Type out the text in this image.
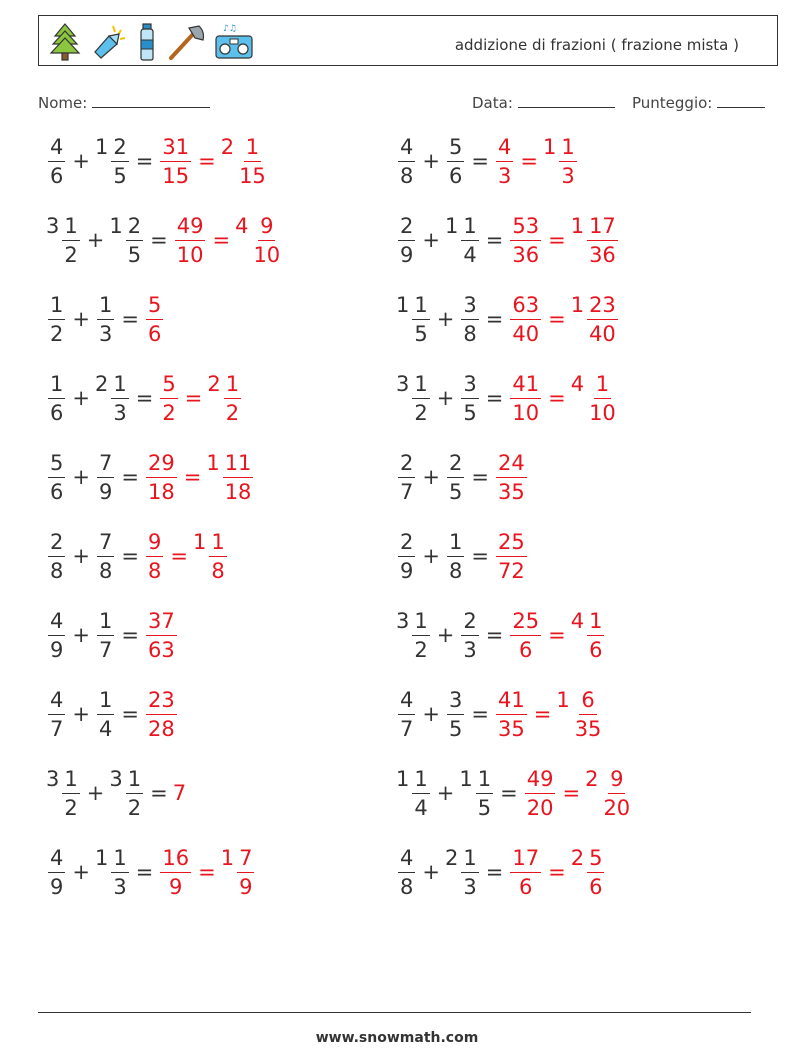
♪♫
addizione di frazioni ( frazione mista )
Nome:	Data:	Punteggio:
$\frac{4}{6}$ +
$1 \frac{2}{5} = \frac{31}{15}$ =
$2 \frac{1}{15}$
$3 \frac{1}{2}$ +
$1 \frac{2}{5} = \frac{49}{10}$ =
$4 \frac{9}{10}$
$\frac{1}{2} + \frac{1}{3} = \frac{5}{6}$
$\frac{1}{6}$ +
$2 \frac{1}{3} = \frac{5}{2}$ =
$2 \frac{1}{2}$
$\frac{5}{6} + \frac{7}{9} = \frac{29}{18}$ =
$1 \frac{11}{18}$
$\frac{2}{8} + \frac{7}{8} = \frac{9}{8}$ =
$1 \frac{1}{8}$
$\frac{4}{9} + \frac{1}{7} = \frac{37}{63}$
$\frac{4}{7} + \frac{1}{4} = \frac{23}{28}$
$3 \frac{1}{2}$ +
$3 \frac{1}{2} = 7$
$\frac{4}{9}$ +
$1 \frac{1}{3} = \frac{16}{9}$ =
$1 \frac{7}{9}$
$\frac{4}{8} + \frac{5}{6} = \frac{4}{3}$ =
$1 \frac{1}{3}$
$\frac{2}{9}$ +
$1 \frac{1}{4} = \frac{53}{36}$ =
$1 \frac{17}{36}$
$1 \frac{1}{5} + \frac{3}{8} = \frac{63}{40}$ =
$1 \frac{23}{40}$
$3 \frac{1}{2} + \frac{3}{5} = \frac{41}{10}$ =
$4 \frac{1}{10}$
$\frac{2}{7} + \frac{2}{5} = \frac{24}{35}$
$\frac{2}{9} + \frac{1}{8} = \frac{25}{72}$
$3 \frac{1}{2} + \frac{2}{3} = \frac{25}{6}$ =
$4 \frac{1}{6}$
$\frac{4}{7} + \frac{3}{5} = \frac{41}{35}$ =
$1 \frac{6}{35}$
$1 \frac{1}{4}$ +
$1 \frac{1}{5} = \frac{49}{20}$ =
$2 \frac{9}{20}$
$\frac{4}{8}$ +
$2 \frac{1}{3} = \frac{17}{6}$ =
$2 \frac{5}{6}$
www.snowmath.com
